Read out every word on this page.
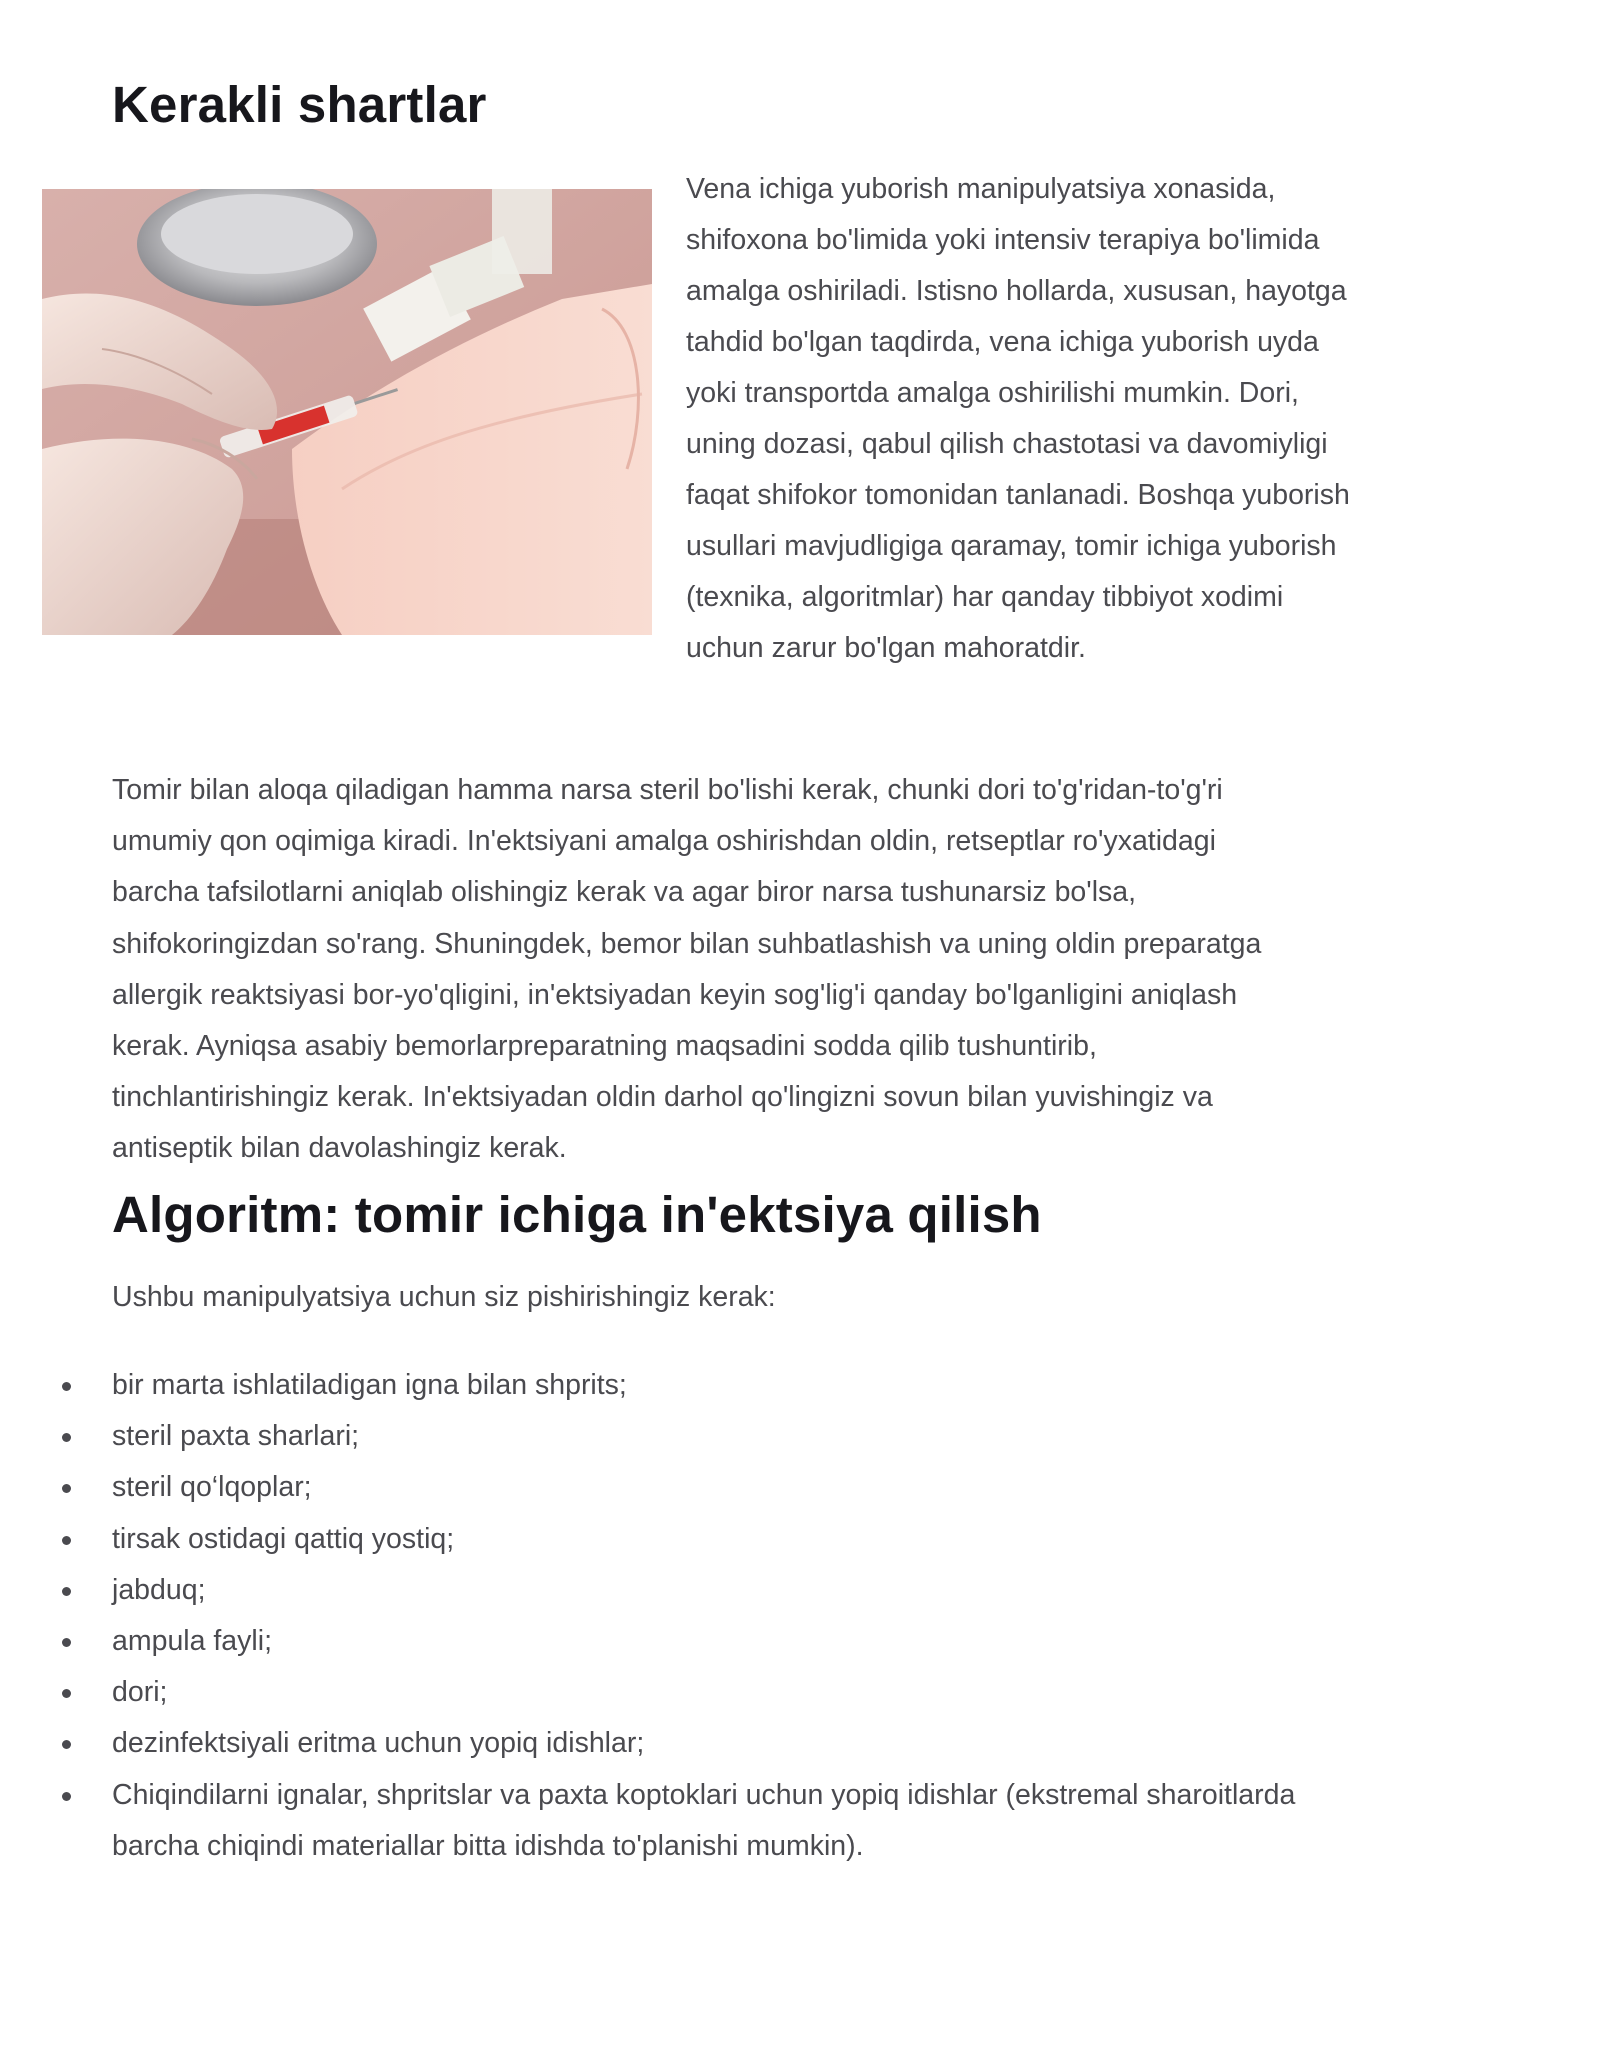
Kerakli shartlar

Vena ichiga yuborish manipulyatsiya xonasida,
shifoxona bo'limida yoki intensiv terapiya bo'limida
amalga oshiriladi. Istisno hollarda, xususan, hayotga
tahdid bo'lgan taqdirda, vena ichiga yuborish uyda
yoki transportda amalga oshirilishi mumkin. Dori,
uning dozasi, qabul qilish chastotasi va davomiyligi
faqat shifokor tomonidan tanlanadi. Boshqa yuborish
usullari mavjudligiga qaramay, tomir ichiga yuborish
(texnika, algoritmlar) har qanday tibbiyot xodimi
uchun zarur bo'lgan mahoratdir.

Tomir bilan aloqa qiladigan hamma narsa steril bo'lishi kerak, chunki dori to'g'ridan-to'g'ri
umumiy qon oqimiga kiradi. In'ektsiyani amalga oshirishdan oldin, retseptlar ro'yxatidagi
barcha tafsilotlarni aniqlab olishingiz kerak va agar biror narsa tushunarsiz bo'lsa,
shifokoringizdan so'rang. Shuningdek, bemor bilan suhbatlashish va uning oldin preparatga
allergik reaktsiyasi bor-yo'qligini, in'ektsiyadan keyin sog'lig'i qanday bo'lganligini aniqlash
kerak. Ayniqsa asabiy bemorlarpreparatning maqsadini sodda qilib tushuntirib,
tinchlantirishingiz kerak. In'ektsiyadan oldin darhol qo'lingizni sovun bilan yuvishingiz va
antiseptik bilan davolashingiz kerak.

Algoritm: tomir ichiga in'ektsiya qilish

Ushbu manipulyatsiya uchun siz pishirishingiz kerak:

bir marta ishlatiladigan igna bilan shprits;
steril paxta sharlari;
steril qo‘lqoplar;
tirsak ostidagi qattiq yostiq;
jabduq;
ampula fayli;
dori;
dezinfektsiyali eritma uchun yopiq idishlar;
Chiqindilarni ignalar, shpritslar va paxta koptoklari uchun yopiq idishlar (ekstremal sharoitlarda
barcha chiqindi materiallar bitta idishda to'planishi mumkin).
